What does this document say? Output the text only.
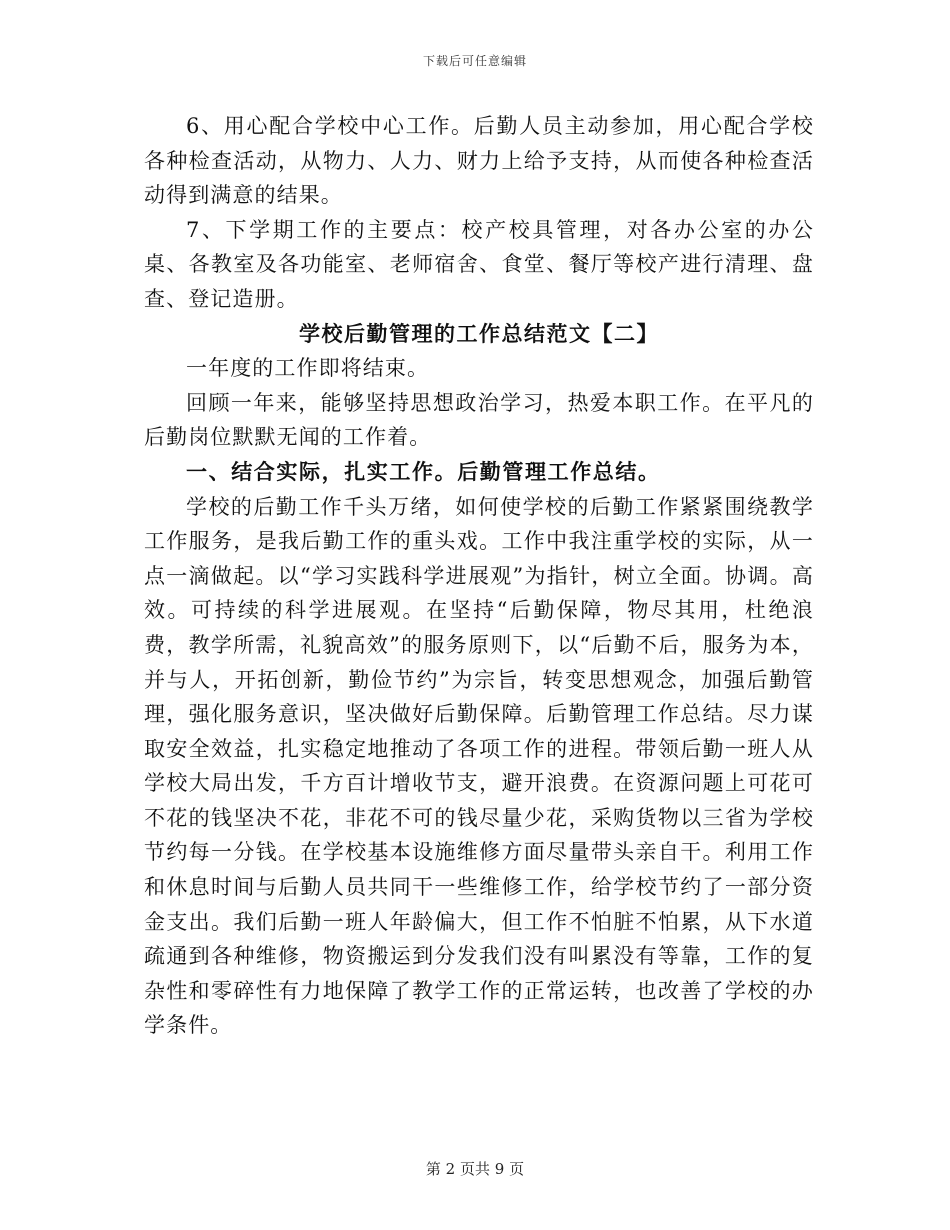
下载后可任意编辑

6、用心配合学校中心工作。后勤人员主动参加，用心配合学校各种检查活动，从物力、人力、财力上给予支持，从而使各种检查活动得到满意的结果。

7、下学期工作的主要点：校产校具管理，对各办公室的办公桌、各教室及各功能室、老师宿舍、食堂、餐厅等校产进行清理、盘查、登记造册。

学校后勤管理的工作总结范文【二】

一年度的工作即将结束。

回顾一年来，能够坚持思想政治学习，热爱本职工作。在平凡的后勤岗位默默无闻的工作着。

一、结合实际，扎实工作。后勤管理工作总结。

学校的后勤工作千头万绪，如何使学校的后勤工作紧紧围绕教学工作服务，是我后勤工作的重头戏。工作中我注重学校的实际，从一点一滴做起。以“学习实践科学进展观”为指针，树立全面。协调。高效。可持续的科学进展观。在坚持“后勤保障，物尽其用，杜绝浪费，教学所需，礼貌高效”的服务原则下，以“后勤不后，服务为本，并与人，开拓创新，勤俭节约”为宗旨，转变思想观念，加强后勤管理，强化服务意识，坚决做好后勤保障。后勤管理工作总结。尽力谋取安全效益，扎实稳定地推动了各项工作的进程。带领后勤一班人从学校大局出发，千方百计增收节支，避开浪费。在资源问题上可花可不花的钱坚决不花，非花不可的钱尽量少花，采购货物以三省为学校节约每一分钱。在学校基本设施维修方面尽量带头亲自干。利用工作和休息时间与后勤人员共同干一些维修工作，给学校节约了一部分资金支出。我们后勤一班人年龄偏大，但工作不怕脏不怕累，从下水道疏通到各种维修，物资搬运到分发我们没有叫累没有等靠，工作的复杂性和零碎性有力地保障了教学工作的正常运转，也改善了学校的办学条件。

第 2 页共 9 页
